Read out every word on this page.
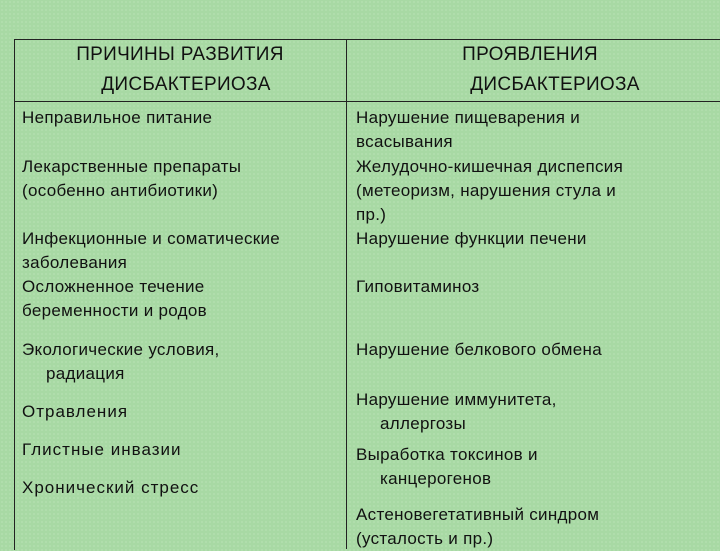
ПРИЧИНЫ РАЗВИТИЯ
ДИСБАКТЕРИОЗА
ПРОЯВЛЕНИЯ
ДИСБАКТЕРИОЗА
Неправильное питание
Лекарственные препараты
(особенно антибиотики)
Инфекционные и соматические
заболевания
Осложненное течение
беременности и родов
Экологические условия,
радиация
Отравления
Глистные инвазии
Хронический стресс
Нарушение пищеварения и
всасывания
Желудочно-кишечная диспепсия
(метеоризм, нарушения стула и
пр.)
Нарушение функции печени
Гиповитаминоз
Нарушение белкового обмена
Нарушение иммунитета,
аллергозы
Выработка токсинов и
канцерогенов
Астеновегетативный синдром
(усталость и пр.)
